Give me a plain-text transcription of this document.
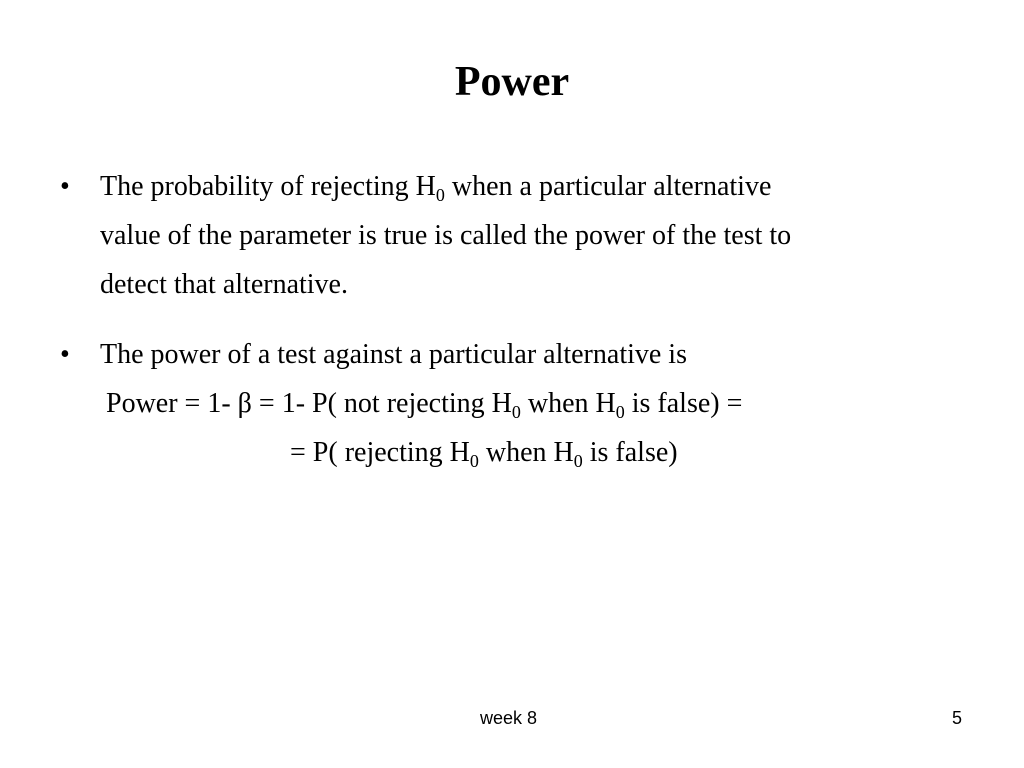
Power
• The probability of rejecting $H_0$ when a particular alternative
value of the parameter is true is called the power of the test to
detect that alternative.
• The power of a test against a particular alternative is
Power = 1- β = 1- P( not rejecting $H_0$ when $H_0$ is false) =
= P( rejecting $H_0$ when $H_0$ is false)
week 8	5
